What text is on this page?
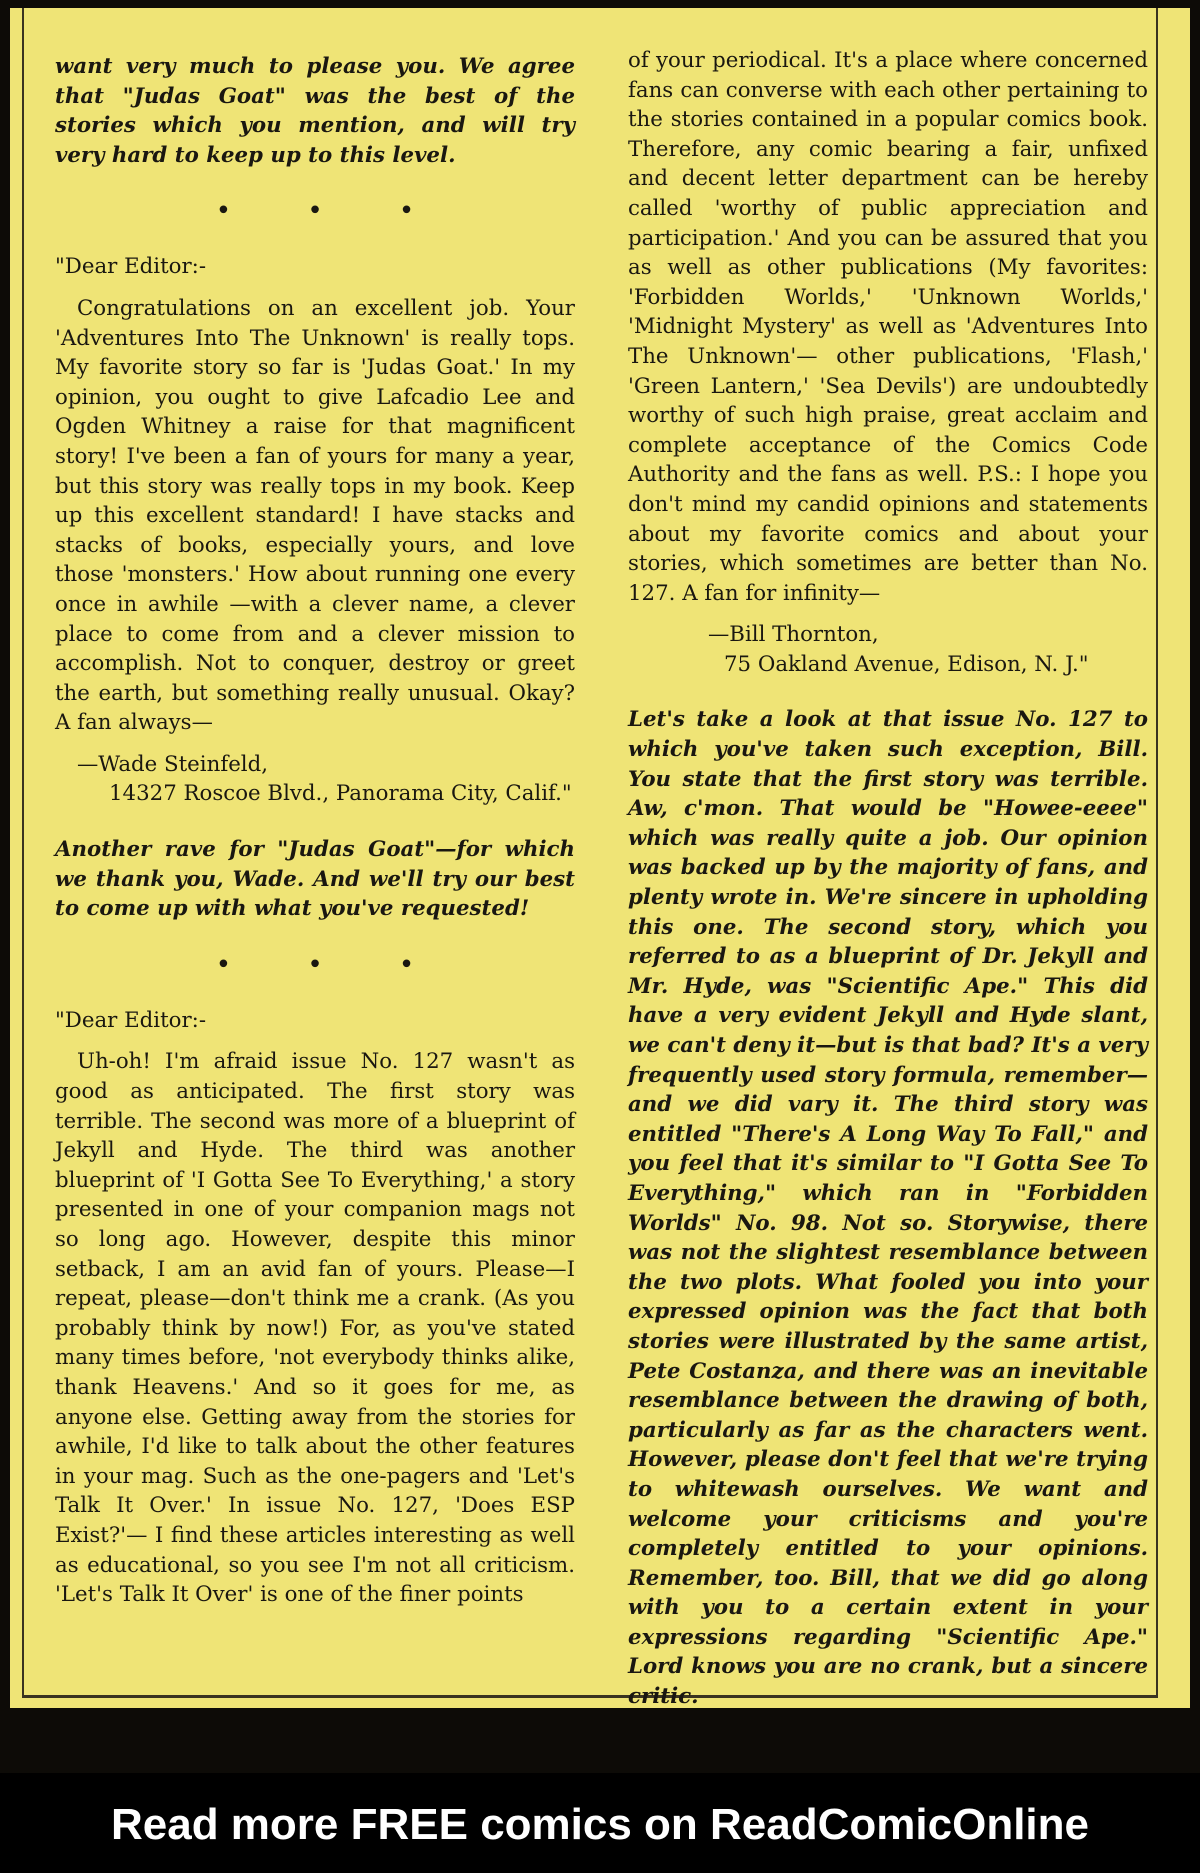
want very much to please you. We agree that "Judas Goat" was the best of the stories which you mention, and will try very hard to keep up to this level.

• • •

"Dear Editor:-

Congratulations on an excellent job. Your 'Adventures Into The Unknown' is really tops. My favorite story so far is 'Judas Goat.' In my opinion, you ought to give Lafcadio Lee and Ogden Whitney a raise for that magnificent story! I've been a fan of yours for many a year, but this story was really tops in my book. Keep up this excellent standard! I have stacks and stacks of books, especially yours, and love those 'monsters.' How about running one every once in awhile —with a clever name, a clever place to come from and a clever mission to accomplish. Not to conquer, destroy or greet the earth, but something really unusual. Okay? A fan always—

—Wade Steinfeld,

14327 Roscoe Blvd., Panorama City, Calif."

Another rave for "Judas Goat"—for which we thank you, Wade. And we'll try our best to come up with what you've requested!

• • •

"Dear Editor:-

Uh-oh! I'm afraid issue No. 127 wasn't as good as anticipated. The first story was terrible. The second was more of a blueprint of Jekyll and Hyde. The third was another blueprint of 'I Gotta See To Everything,' a story presented in one of your companion mags not so long ago. However, despite this minor setback, I am an avid fan of yours. Please—I repeat, please—don't think me a crank. (As you probably think by now!) For, as you've stated many times before, 'not everybody thinks alike, thank Heavens.' And so it goes for me, as anyone else. Getting away from the stories for awhile, I'd like to talk about the other features in your mag. Such as the one-pagers and 'Let's Talk It Over.' In issue No. 127, 'Does ESP Exist?'— I find these articles interesting as well as educational, so you see I'm not all criticism. 'Let's Talk It Over' is one of the finer points

of your periodical. It's a place where concerned fans can converse with each other pertaining to the stories contained in a popular comics book. Therefore, any comic bearing a fair, unfixed and decent letter department can be hereby called 'worthy of public appreciation and participation.' And you can be assured that you as well as other publications (My favorites: 'Forbidden Worlds,' 'Unknown Worlds,' 'Midnight Mystery' as well as 'Adventures Into The Unknown'— other publications, 'Flash,' 'Green Lantern,' 'Sea Devils') are undoubtedly worthy of such high praise, great acclaim and complete acceptance of the Comics Code Authority and the fans as well. P.S.: I hope you don't mind my candid opinions and statements about my favorite comics and about your stories, which sometimes are better than No. 127. A fan for infinity—

—Bill Thornton,

75 Oakland Avenue, Edison, N. J."

Let's take a look at that issue No. 127 to which you've taken such exception, Bill. You state that the first story was terrible. Aw, c'mon. That would be "Howee-eeee" which was really quite a job. Our opinion was backed up by the majority of fans, and plenty wrote in. We're sincere in upholding this one. The second story, which you referred to as a blueprint of Dr. Jekyll and Mr. Hyde, was "Scientific Ape." This did have a very evident Jekyll and Hyde slant, we can't deny it—but is that bad? It's a very frequently used story formula, remember—and we did vary it. The third story was entitled "There's A Long Way To Fall," and you feel that it's similar to "I Gotta See To Everything," which ran in "Forbidden Worlds" No. 98. Not so. Storywise, there was not the slightest resemblance between the two plots. What fooled you into your expressed opinion was the fact that both stories were illustrated by the same artist, Pete Costanza, and there was an inevitable resemblance between the drawing of both, particularly as far as the characters went. However, please don't feel that we're trying to whitewash ourselves. We want and welcome your criticisms and you're completely entitled to your opinions. Remember, too. Bill, that we did go along with you to a certain extent in your expressions regarding "Scientific Ape." Lord knows you are no crank, but a sincere critic.

Read more FREE comics on ReadComicOnline
